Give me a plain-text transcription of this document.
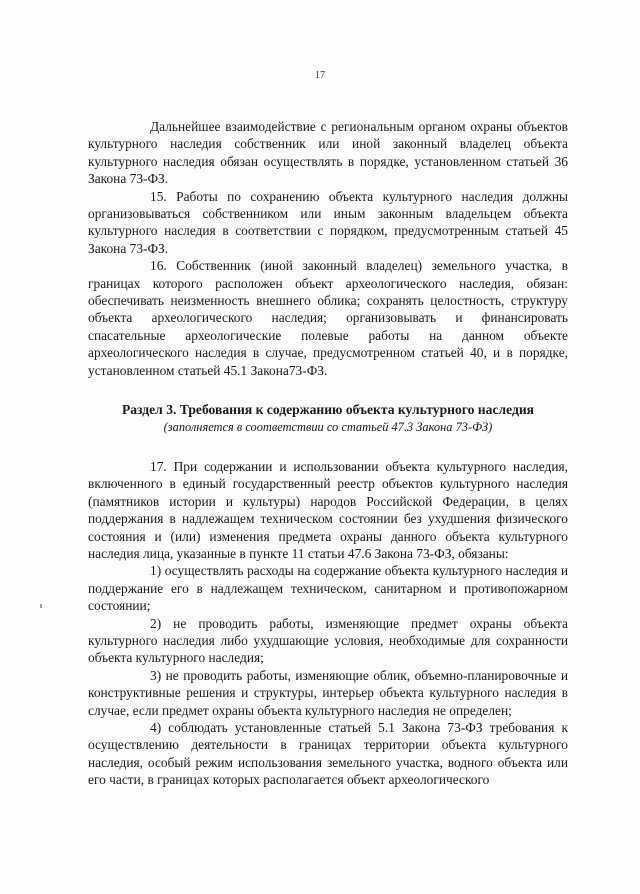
17

Дальнейшее взаимодействие с региональным органом охраны объектов культурного наследия собственник или иной законный владелец объекта культурного наследия обязан осуществлять в порядке, установленном статьей 36 Закона 73-ФЗ.

15. Работы по сохранению объекта культурного наследия должны организовываться собственником или иным законным владельцем объекта культурного наследия в соответствии с порядком, предусмотренным статьей 45 Закона 73-ФЗ.

16. Собственник (иной законный владелец) земельного участка, в границах которого расположен объект археологического наследия, обязан: обеспечивать неизменность внешнего облика; сохранять целостность, структуру объекта археологического наследия; организовывать и финансировать спасательные археологические полевые работы на данном объекте археологического наследия в случае, предусмотренном статьей 40, и в порядке, установленном статьей 45.1 Закона73-ФЗ.

Раздел 3. Требования к содержанию объекта культурного наследия

(заполняется в соответствии со статьей 47.3 Закона 73-ФЗ)

17. При содержании и использовании объекта культурного наследия, включенного в единый государственный реестр объектов культурного наследия (памятников истории и культуры) народов Российской Федерации, в целях поддержания в надлежащем техническом состоянии без ухудшения физического состояния и (или) изменения предмета охраны данного объекта культурного наследия лица, указанные в пункте 11 статьи 47.6 Закона 73-ФЗ, обязаны:

1) осуществлять расходы на содержание объекта культурного наследия и поддержание его в надлежащем техническом, санитарном и противопожарном состоянии;

2) не проводить работы, изменяющие предмет охраны объекта культурного наследия либо ухудшающие условия, необходимые для сохранности объекта культурного наследия;

3) не проводить работы, изменяющие облик, объемно-планировочные и конструктивные решения и структуры, интерьер объекта культурного наследия в случае, если предмет охраны объекта культурного наследия не определен;

4) соблюдать установленные статьей 5.1 Закона 73-ФЗ требования к осуществлению деятельности в границах территории объекта культурного наследия, особый режим использования земельного участка, водного объекта или его части, в границах которых располагается объект археологического
